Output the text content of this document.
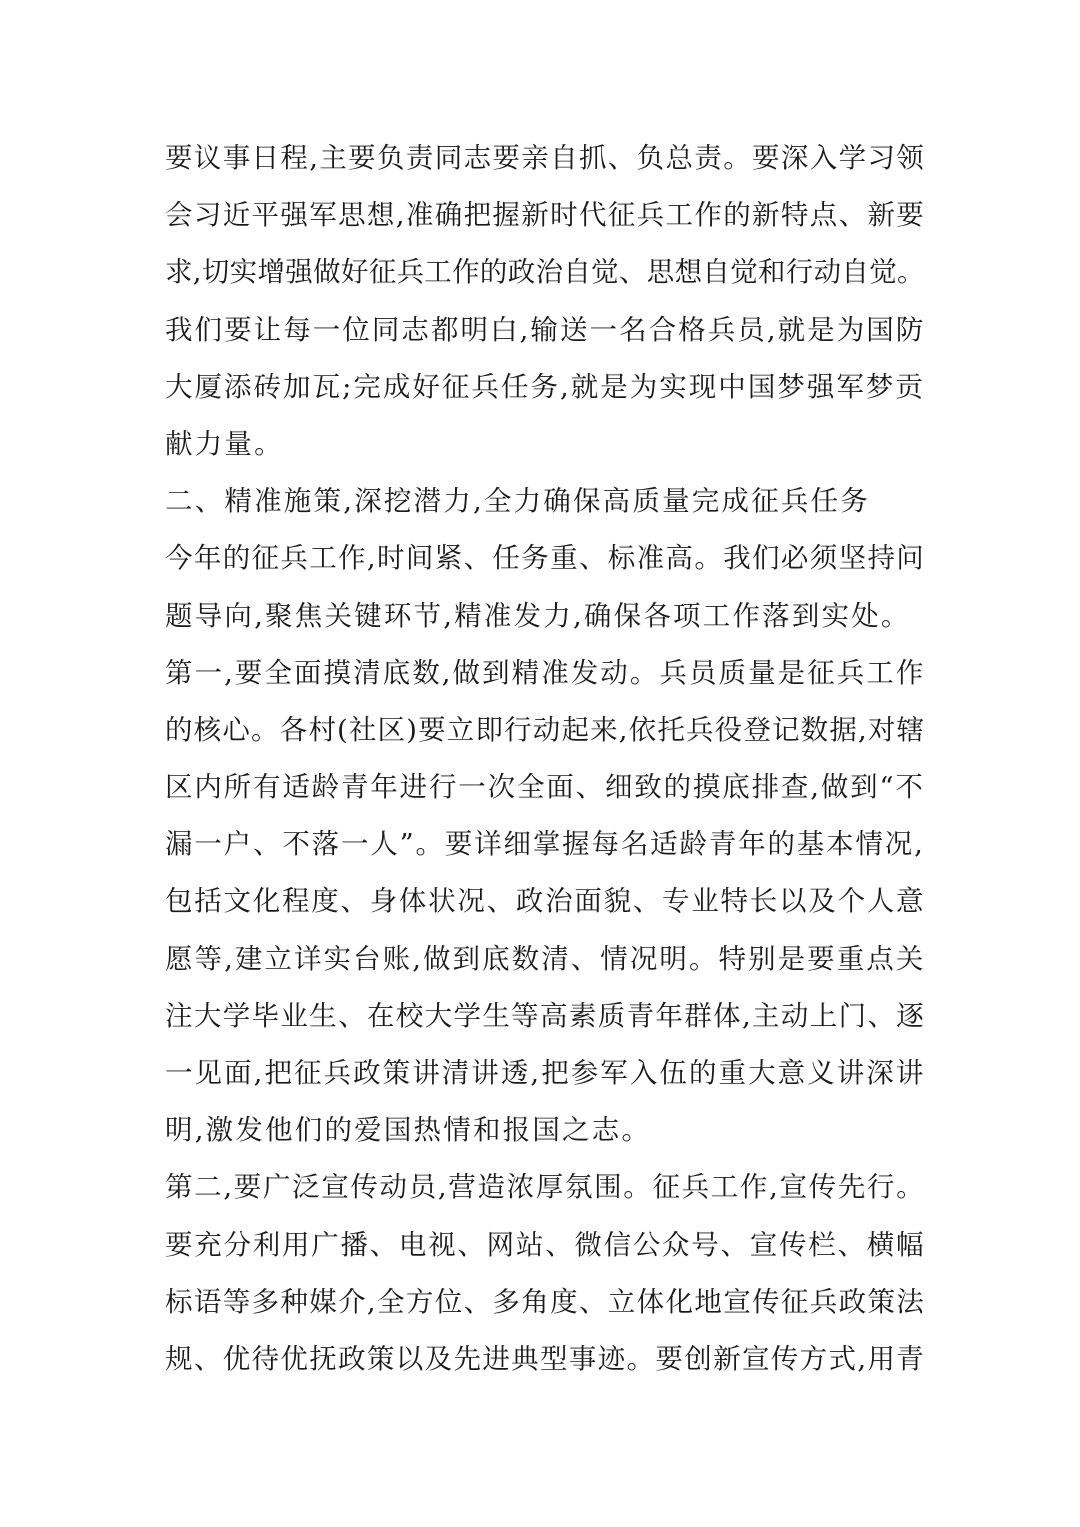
要议事日程,主要负责同志要亲自抓、负总责。要深入学习领
会习近平强军思想,准确把握新时代征兵工作的新特点、新要
求,切实增强做好征兵工作的政治自觉、思想自觉和行动自觉。
我们要让每一位同志都明白,输送一名合格兵员,就是为国防
大厦添砖加瓦;完成好征兵任务,就是为实现中国梦强军梦贡
献力量。
二、精准施策,深挖潜力,全力确保高质量完成征兵任务
今年的征兵工作,时间紧、任务重、标准高。我们必须坚持问
题导向,聚焦关键环节,精准发力,确保各项工作落到实处。
第一,要全面摸清底数,做到精准发动。兵员质量是征兵工作
的核心。各村(社区)要立即行动起来,依托兵役登记数据,对辖
区内所有适龄青年进行一次全面、细致的摸底排查,做到“不
漏一户、不落一人”。要详细掌握每名适龄青年的基本情况,
包括文化程度、身体状况、政治面貌、专业特长以及个人意
愿等,建立详实台账,做到底数清、情况明。特别是要重点关
注大学毕业生、在校大学生等高素质青年群体,主动上门、逐
一见面,把征兵政策讲清讲透,把参军入伍的重大意义讲深讲
明,激发他们的爱国热情和报国之志。
第二,要广泛宣传动员,营造浓厚氛围。征兵工作,宣传先行。
要充分利用广播、电视、网站、微信公众号、宣传栏、横幅
标语等多种媒介,全方位、多角度、立体化地宣传征兵政策法
规、优待优抚政策以及先进典型事迹。要创新宣传方式,用青
